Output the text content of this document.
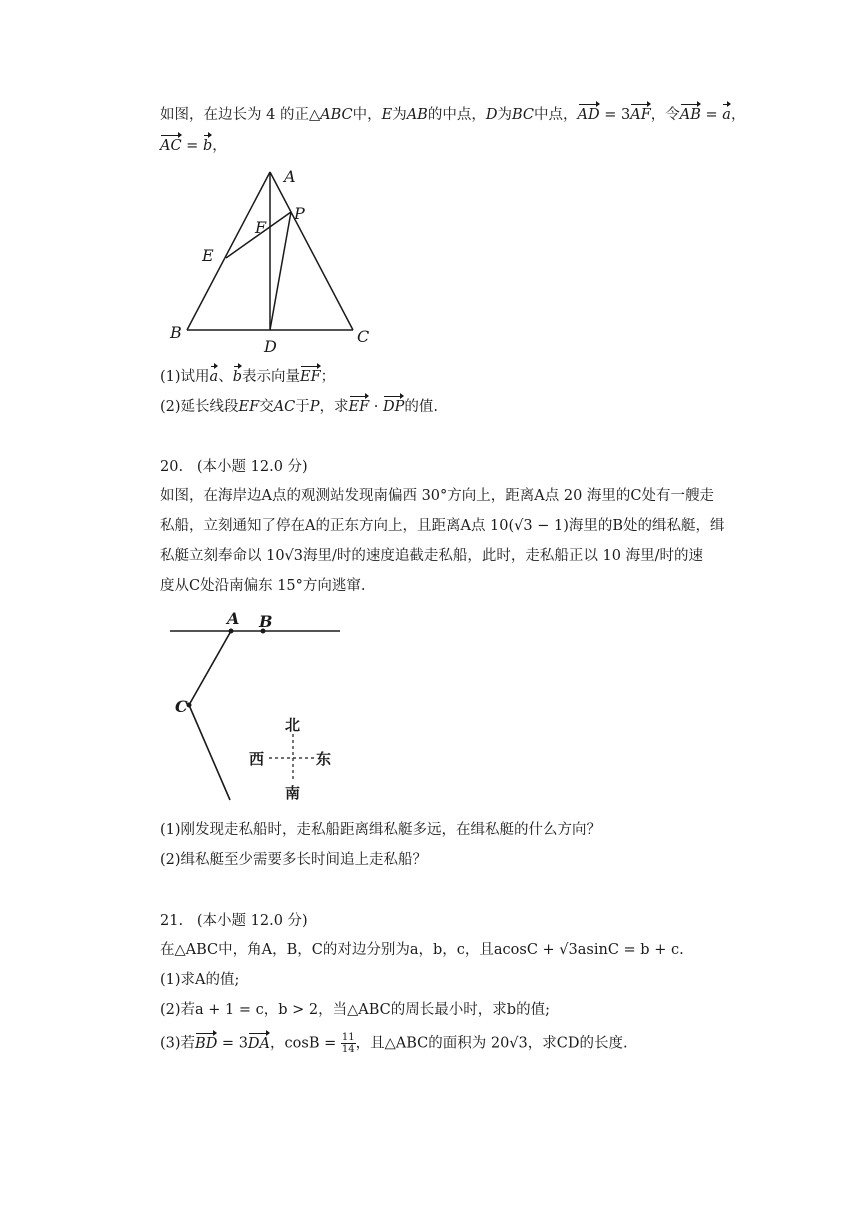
如图，在边长为 4 的正△ABC中，E为AB的中点，D为BC中点，AD = 3AF，令AB = a，
AC = b，
A
P
F
E
B
D
C
(1)试用a、b表示向量EF；
(2)延长线段EF交AC于P，求EF · DP的值.
20. (本小题 12.0 分)
如图，在海岸边A点的观测站发现南偏西 30°方向上，距离A点 20 海里的C处有一艘走
私船，立刻通知了停在A的正东方向上，且距离A点 10(√3 − 1)海里的B处的缉私艇，缉
私艇立刻奉命以 10√3海里/时的速度追截走私船，此时，走私船正以 10 海里/时的速
度从C处沿南偏东 15°方向逃窜.
A B
C
北
西	东
南
(1)刚发现走私船时，走私船距离缉私艇多远，在缉私艇的什么方向？
(2)缉私艇至少需要多长时间追上走私船？
21. (本小题 12.0 分)
在△ABC中，角A，B，C的对边分别为a，b，c，且acosC + √3asinC = b + c.
(1)求A的值;
(2)若a + 1 = c，b > 2，当△ABC的周长最小时，求b的值;
(3)若BD = 3DA，$\cos B = \frac{11}{14}$ ，且△ABC的面积为 20√3，求CD的长度.
